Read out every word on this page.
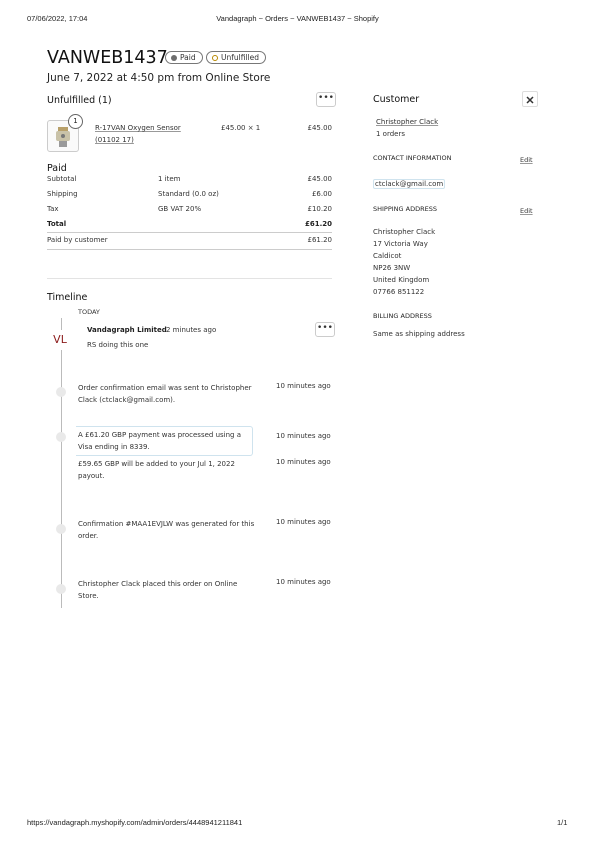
07/06/2022, 17:04	Vandagraph ~ Orders ~ VANWEB1437 ~ Shopify
https://vandagraph.myshopify.com/admin/orders/4448941211841	1/1
VANWEB1437 Paid	Unfulfilled
June 7, 2022 at 4:50 pm from Online Store
Unfulfilled (1)	•••
1
R-17VAN Oxygen Sensor
(01102 17)
£45.00 × 1	£45.00
Paid
Subtotal	1 item	£45.00
Shipping	Standard (0.0 oz)	£6.00
Tax	GB VAT 20%	£10.20
Total	£61.20
Paid by customer	£61.20
Timeline
TODAY
VL
Vandagraph Limited 2 minutes ago
RS doing this one
•••
Order confirmation email was sent to Christopher Clack (ctclack@gmail.com).
10 minutes ago
A £61.20 GBP payment was processed using a Visa ending in 8339.
10 minutes ago
£59.65 GBP will be added to your Jul 1, 2022 payout.
10 minutes ago
Confirmation #MAA1EVJLW was generated for this order.
10 minutes ago
Christopher Clack placed this order on Online Store.
10 minutes ago
Customer
Christopher Clack
1 orders
CONTACT INFORMATION	Edit
ctclack@gmail.com
SHIPPING ADDRESS	Edit
Christopher Clack
17 Victoria Way
Caldicot
NP26 3NW
United Kingdom
07766 851122
BILLING ADDRESS
Same as shipping address
